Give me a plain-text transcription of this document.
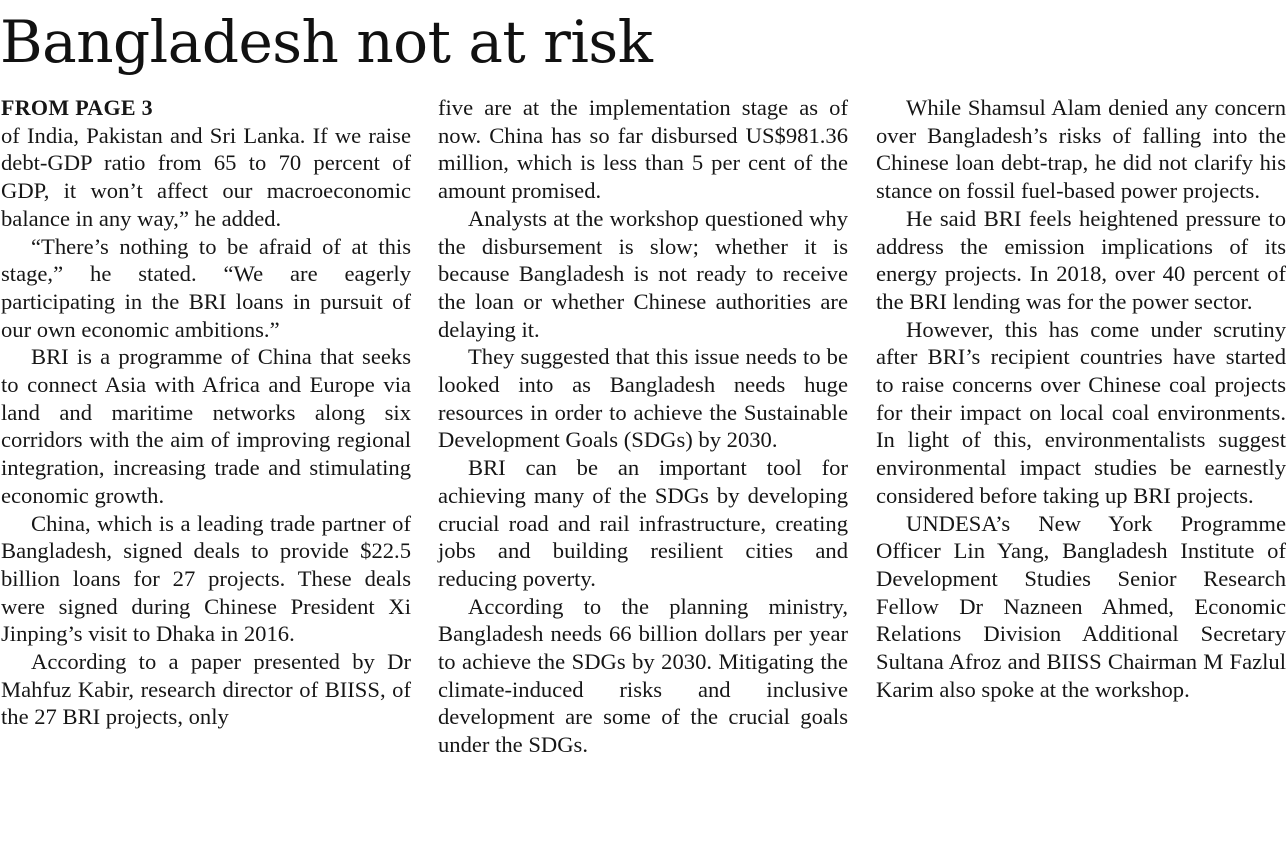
Bangladesh not at risk
FROM PAGE 3

of India, Pakistan and Sri Lanka. If we raise debt-GDP ratio from 65 to 70 percent of GDP, it won’t affect our macroeconomic balance in any way,” he added.

“There’s nothing to be afraid of at this stage,” he stated. “We are eagerly participating in the BRI loans in pursuit of our own economic ambitions.”

BRI is a programme of China that seeks to connect Asia with Africa and Europe via land and maritime networks along six corridors with the aim of improving regional integration, increasing trade and stimulating economic growth.

China, which is a leading trade partner of Bangladesh, signed deals to provide $22.5 billion loans for 27 projects. These deals were signed during Chinese President Xi Jinping’s visit to Dhaka in 2016.

According to a paper presented by Dr Mahfuz Kabir, research director of BIISS, of the 27 BRI projects, only

five are at the implementation stage as of now. China has so far disbursed US$981.36 million, which is less than 5 per cent of the amount promised.

Analysts at the workshop questioned why the disbursement is slow; whether it is because Bangladesh is not ready to receive the loan or whether Chinese authorities are delaying it.

They suggested that this issue needs to be looked into as Bangladesh needs huge resources in order to achieve the Sustainable Development Goals (SDGs) by 2030.

BRI can be an important tool for achieving many of the SDGs by developing crucial road and rail infrastructure, creating jobs and building resilient cities and reducing poverty.

According to the planning ministry, Bangladesh needs 66 billion dollars per year to achieve the SDGs by 2030. Mitigating the climate-induced risks and inclusive development are some of the crucial goals under the SDGs.

While Shamsul Alam denied any concern over Bangladesh’s risks of falling into the Chinese loan debt-trap, he did not clarify his stance on fossil fuel-based power projects.

He said BRI feels heightened pressure to address the emission implications of its energy projects. In 2018, over 40 percent of the BRI lending was for the power sector.

However, this has come under scrutiny after BRI’s recipient countries have started to raise concerns over Chinese coal projects for their impact on local coal environments. In light of this, environmentalists suggest environmental impact studies be earnestly considered before taking up BRI projects.

UNDESA’s New York Programme Officer Lin Yang, Bangladesh Institute of Development Studies Senior Research Fellow Dr Nazneen Ahmed, Economic Relations Division Additional Secretary Sultana Afroz and BIISS Chairman M Fazlul Karim also spoke at the workshop.
